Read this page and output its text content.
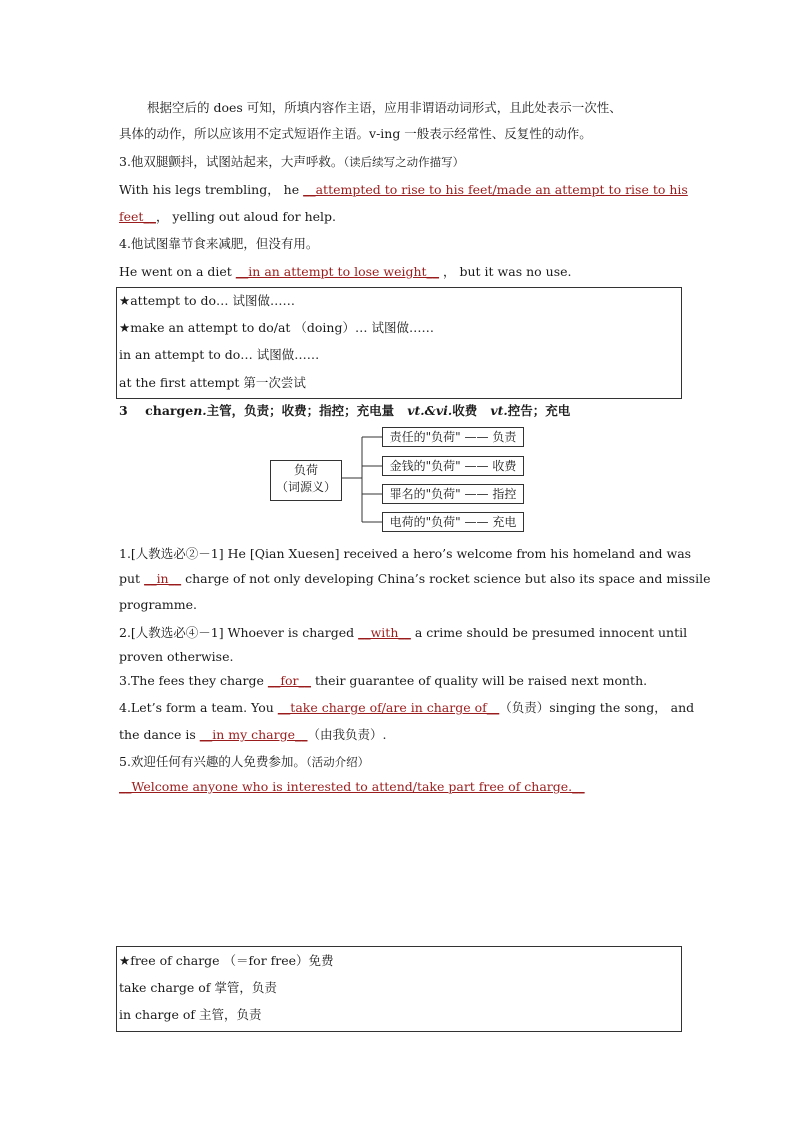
根据空后的 does 可知，所填内容作主语，应用非谓语动词形式，且此处表示一次性、
具体的动作，所以应该用不定式短语作主语。v-ing 一般表示经常性、反复性的动作。
3.他双腿颤抖，试图站起来，大声呼救。（读后续写之动作描写）
With his legs trembling， he __attempted to rise to his feet/made an attempt to rise to his
feet__， yelling out aloud for help.
4.他试图靠节食来减肥，但没有用。
He went on a diet __in an attempt to lose weight__ ， but it was no use.
★attempt to do… 试图做……
★make an attempt to do/at （doing）… 试图做……
in an attempt to do… 试图做……
at the first attempt 第一次尝试
3 chargen.主管，负责；收费；指控；充电量 vt.&vi.收费 vt.控告；充电
负荷
（词源义）
责任的"负荷" —— 负责
金钱的"负荷" —— 收费
罪名的"负荷" —— 指控
电荷的"负荷" —— 充电
1.[人教选必②－1] He [Qian Xuesen] received a hero’s welcome from his homeland and was
put __in__ charge of not only developing China’s rocket science but also its space and missile
programme.
2.[人教选必④－1] Whoever is charged __with__ a crime should be presumed innocent until
proven otherwise.
3.The fees they charge __for__ their guarantee of quality will be raised next month.
4.Let’s form a team. You __take charge of/are in charge of__（负责）singing the song， and
the dance is __in my charge__（由我负责）.
5.欢迎任何有兴趣的人免费参加。（活动介绍）
__Welcome anyone who is interested to attend/take part free of charge.__
★free of charge （＝for free）免费
take charge of 掌管，负责
in charge of 主管，负责
